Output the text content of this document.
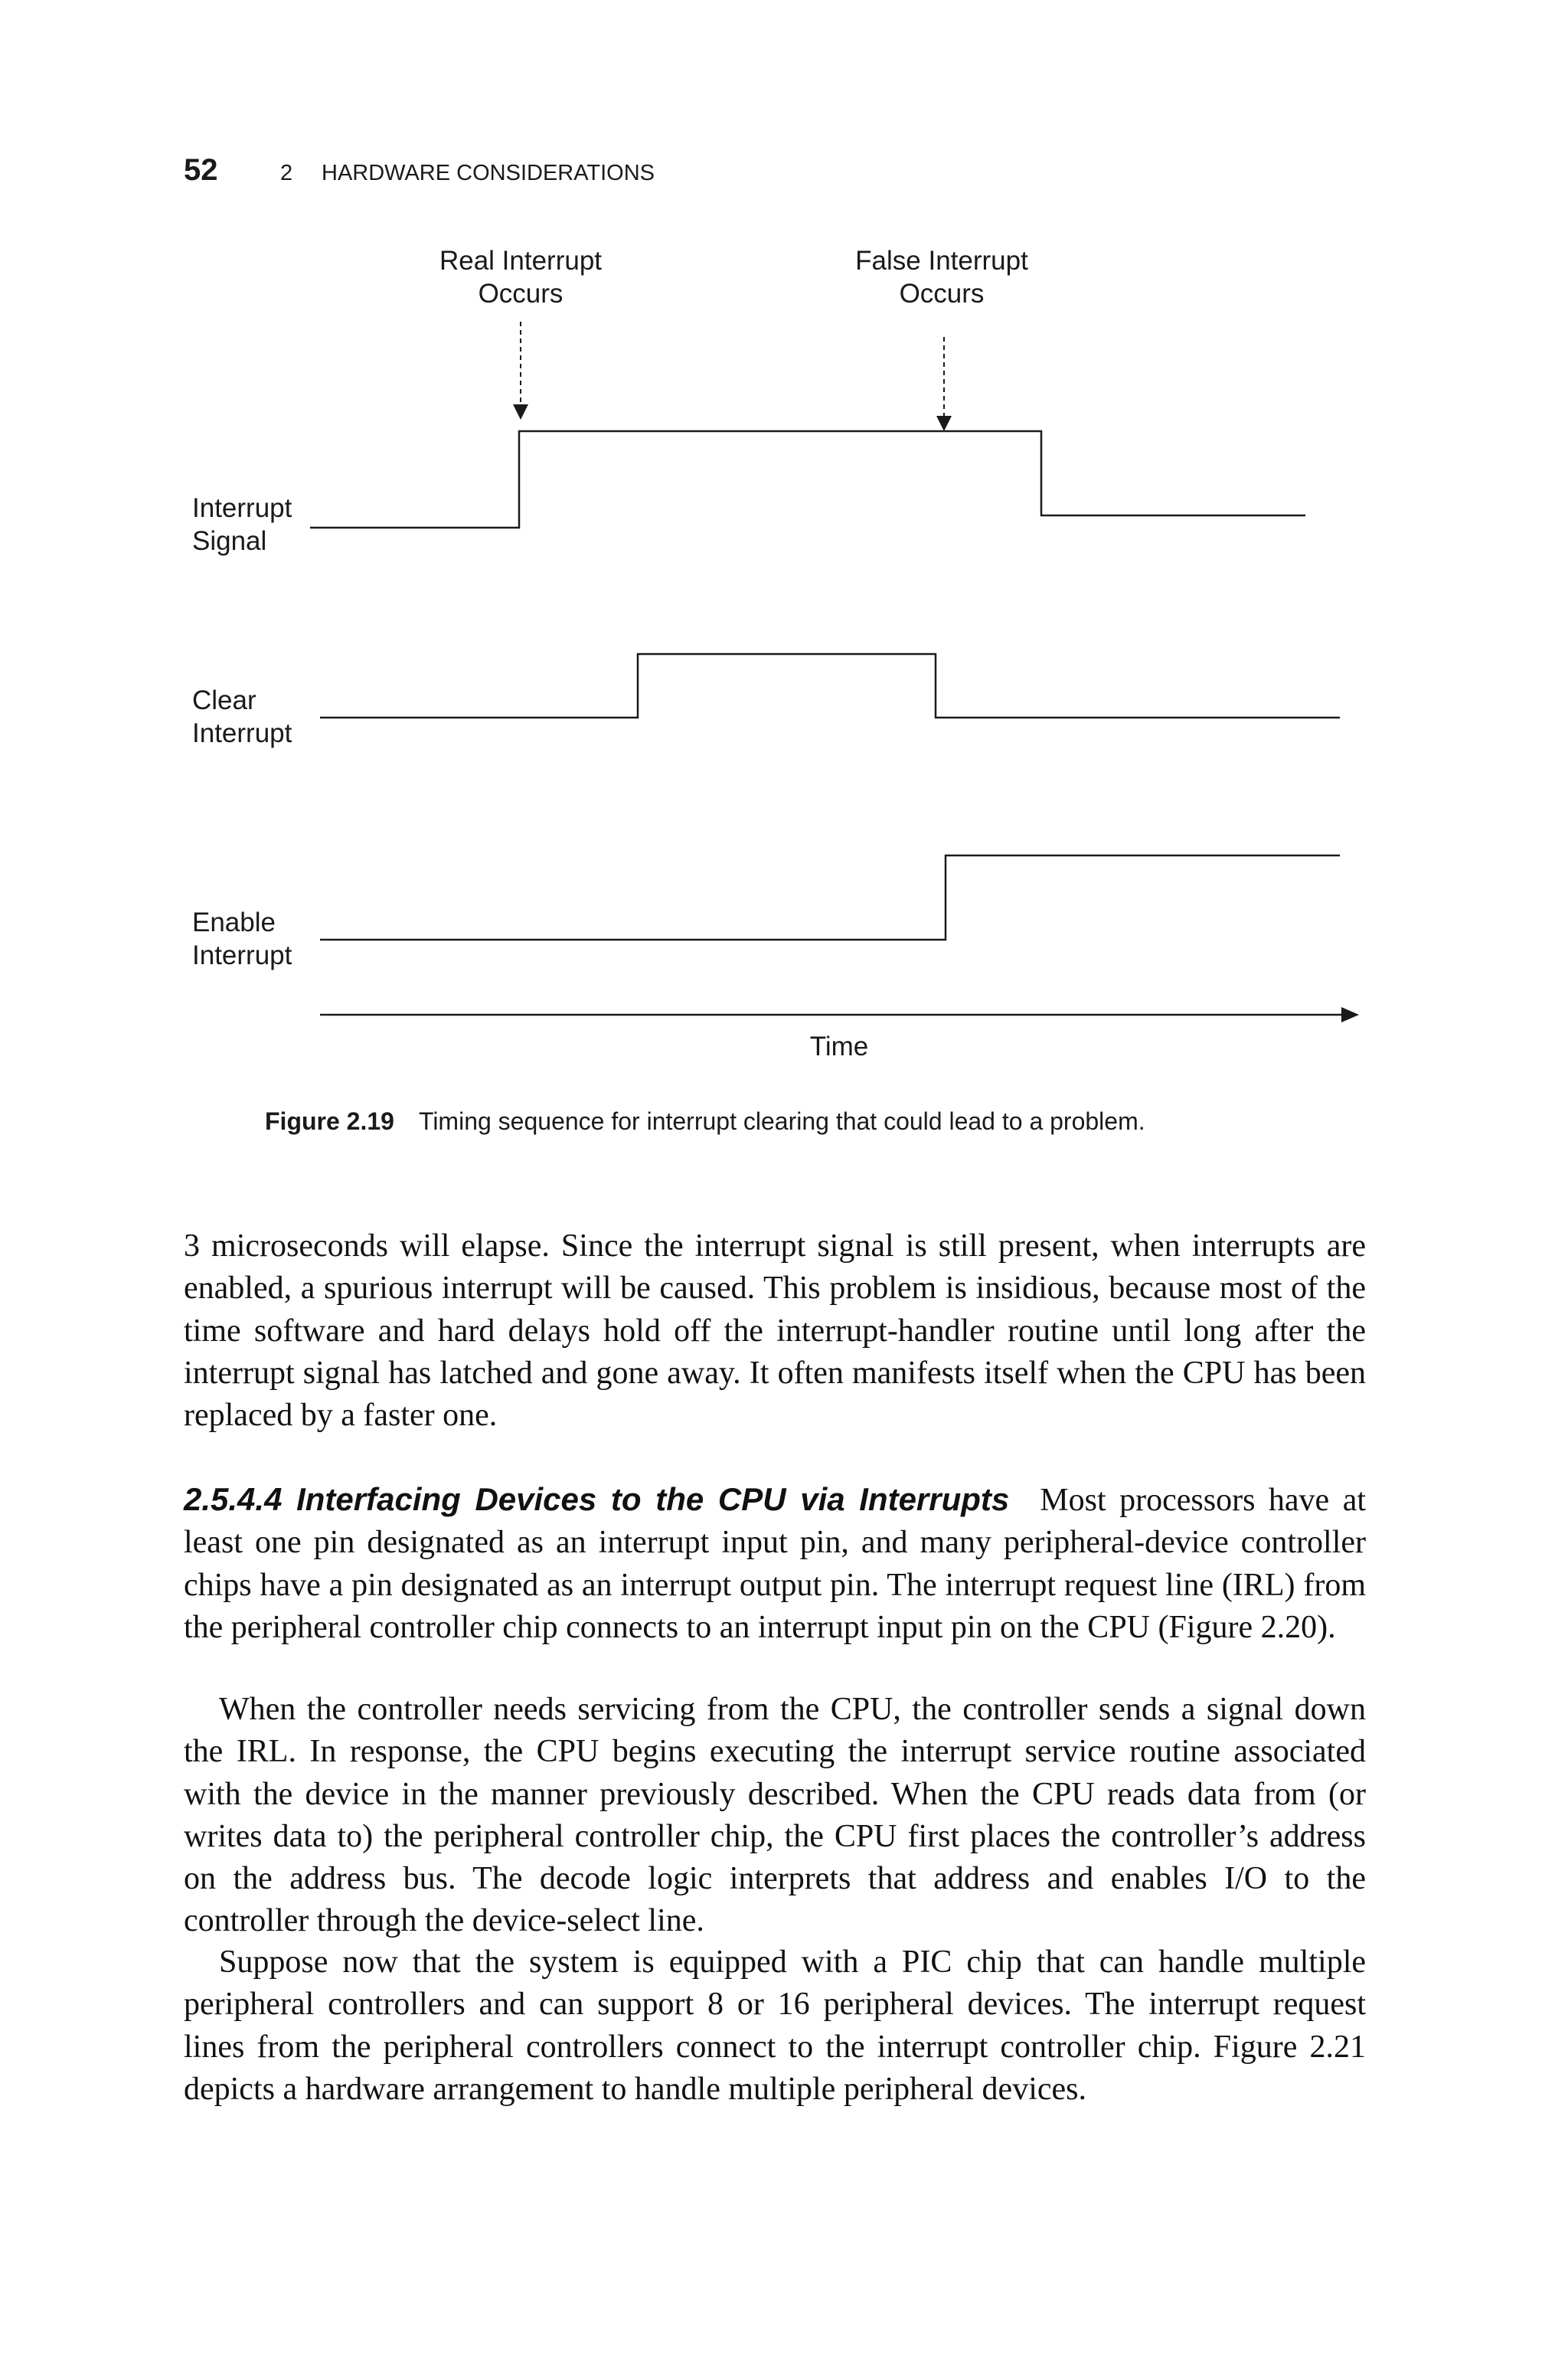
52	2 HARDWARE CONSIDERATIONS
Real Interrupt
Occurs
False Interrupt
Occurs
Interrupt
Signal
Clear
Interrupt
Enable
Interrupt
Time
Figure 2.19 Timing sequence for interrupt clearing that could lead to a problem.

3 microseconds will elapse. Since the interrupt signal is still present, when interrupts are enabled, a spurious interrupt will be caused. This problem is insidious, because most of the time software and hard delays hold off the interrupt-handler routine until long after the interrupt signal has latched and gone away. It often manifests itself when the CPU has been replaced by a faster one.

2.5.4.4 Interfacing Devices to the CPU via Interrupts Most processors have at least one pin designated as an interrupt input pin, and many peripheral-device controller chips have a pin designated as an interrupt output pin. The interrupt request line (IRL) from the peripheral controller chip connects to an interrupt input pin on the CPU (Figure 2.20).

When the controller needs servicing from the CPU, the controller sends a signal down the IRL. In response, the CPU begins executing the interrupt service routine associated with the device in the manner previously described. When the CPU reads data from (or writes data to) the peripheral controller chip, the CPU first places the controller’s address on the address bus. The decode logic interprets that address and enables I/O to the controller through the device-select line.

Suppose now that the system is equipped with a PIC chip that can handle multiple peripheral controllers and can support 8 or 16 peripheral devices. The interrupt request lines from the peripheral controllers connect to the interrupt controller chip. Figure 2.21 depicts a hardware arrangement to handle multiple peripheral devices.
